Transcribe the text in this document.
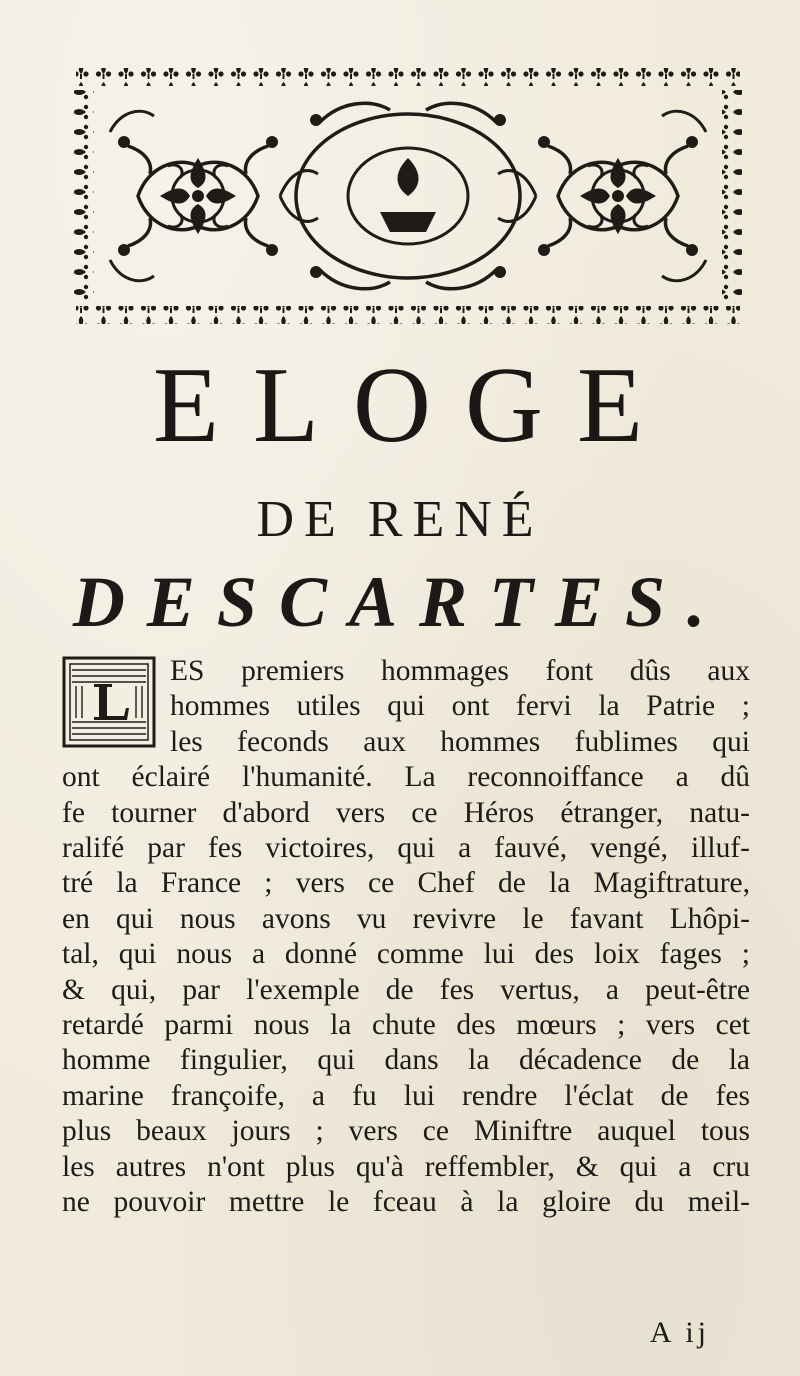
ELOGE
DE RENÉ
DESCARTES.
ES premiers hommages font dûs aux
hommes utiles qui ont fervi la Patrie ;
les feconds aux hommes fublimes qui
ont éclairé l'humanité. La reconnoiffance a dû
fe tourner d'abord vers ce Héros étranger, natu-
ralifé par fes victoires, qui a fauvé, vengé, illuf-
tré la France ; vers ce Chef de la Magiftrature,
en qui nous avons vu revivre le favant Lhôpi-
tal, qui nous a donné comme lui des loix fages ;
& qui, par l'exemple de fes vertus, a peut-être
retardé parmi nous la chute des mœurs ; vers cet
homme fingulier, qui dans la décadence de la
marine françoife, a fu lui rendre l'éclat de fes
plus beaux jours ; vers ce Miniftre auquel tous
les autres n'ont plus qu'à reffembler, & qui a cru
ne pouvoir mettre le fceau à la gloire du meil-
A ij
